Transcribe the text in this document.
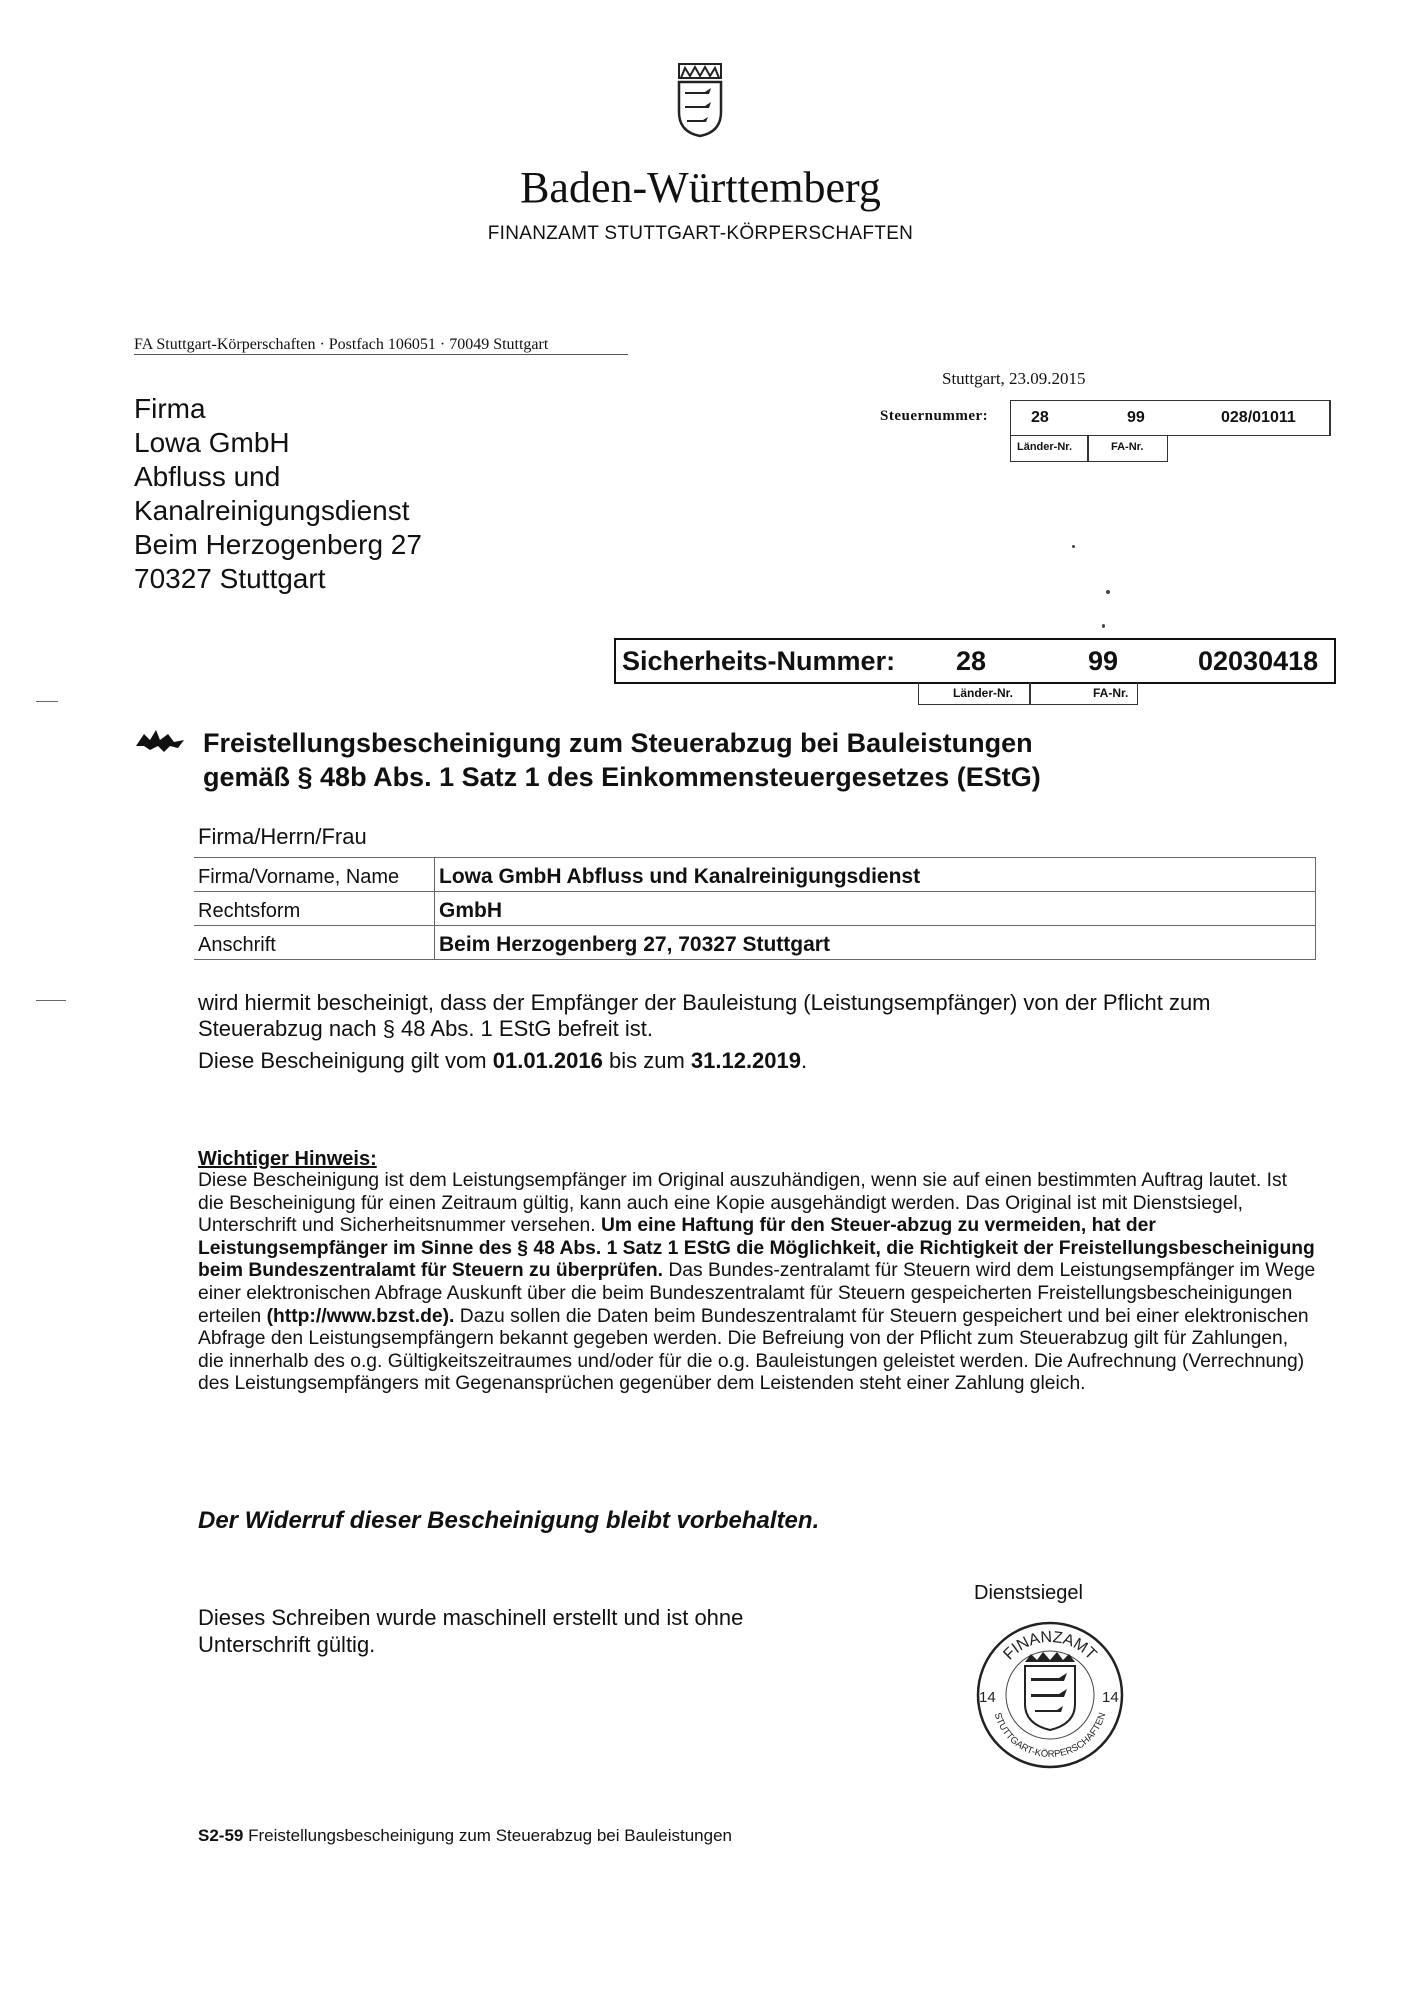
Baden-Württemberg
FINANZAMT STUTTGART-KÖRPERSCHAFTEN
FA Stuttgart-Körperschaften · Postfach 106051 · 70049 Stuttgart
Stuttgart, 23.09.2015
Steuernummer:	28	99	028/01011
Länder-Nr.	FA-Nr.
Firma
Lowa GmbH
Abfluss und
Kanalreinigungsdienst
Beim Herzogenberg 27
70327 Stuttgart
Sicherheits-Nummer: 28	99	02030418
Länder-Nr.	FA-Nr.
Freistellungsbescheinigung zum Steuerabzug bei Bauleistungen
gemäß § 48b Abs. 1 Satz 1 des Einkommensteuergesetzes (EStG)
Firma/Herrn/Frau
Firma/Vorname, Name	Lowa GmbH Abfluss und Kanalreinigungsdienst	
Rechtsform	GmbH	
Anschrift	Beim Herzogenberg 27, 70327 Stuttgart	
wird hiermit bescheinigt, dass der Empfänger der Bauleistung (Leistungsempfänger) von der Pflicht zum Steuerabzug nach § 48 Abs. 1 EStG befreit ist.
Diese Bescheinigung gilt vom 01.01.2016 bis zum 31.12.2019.
Wichtiger Hinweis:
Diese Bescheinigung ist dem Leistungsempfänger im Original auszuhändigen, wenn sie auf einen bestimmten Auftrag lautet. Ist die Bescheinigung für einen Zeitraum gültig, kann auch eine Kopie ausgehändigt werden. Das Original ist mit Dienstsiegel, Unterschrift und Sicherheitsnummer versehen. Um eine Haftung für den Steuer-abzug zu vermeiden, hat der Leistungsempfänger im Sinne des § 48 Abs. 1 Satz 1 EStG die Möglichkeit, die Richtigkeit der Freistellungsbescheinigung beim Bundeszentralamt für Steuern zu überprüfen. Das Bundes-zentralamt für Steuern wird dem Leistungsempfänger im Wege einer elektronischen Abfrage Auskunft über die beim Bundeszentralamt für Steuern gespeicherten Freistellungsbescheinigungen erteilen (http://www.bzst.de). Dazu sollen die Daten beim Bundeszentralamt für Steuern gespeichert und bei einer elektronischen Abfrage den Leistungsempfängern bekannt gegeben werden. Die Befreiung von der Pflicht zum Steuerabzug gilt für Zahlungen, die innerhalb des o.g. Gültigkeitszeitraumes und/oder für die o.g. Bauleistungen geleistet werden. Die Aufrechnung (Verrechnung) des Leistungsempfängers mit Gegenansprüchen gegenüber dem Leistenden steht einer Zahlung gleich.
Der Widerruf dieser Bescheinigung bleibt vorbehalten.
Dieses Schreiben wurde maschinell erstellt und ist ohne Unterschrift gültig.
Dienstsiegel
FINANZAMT
STUTTGART-KÖRPERSCHAFTEN
14	14
S2-59 Freistellungsbescheinigung zum Steuerabzug bei Bauleistungen
